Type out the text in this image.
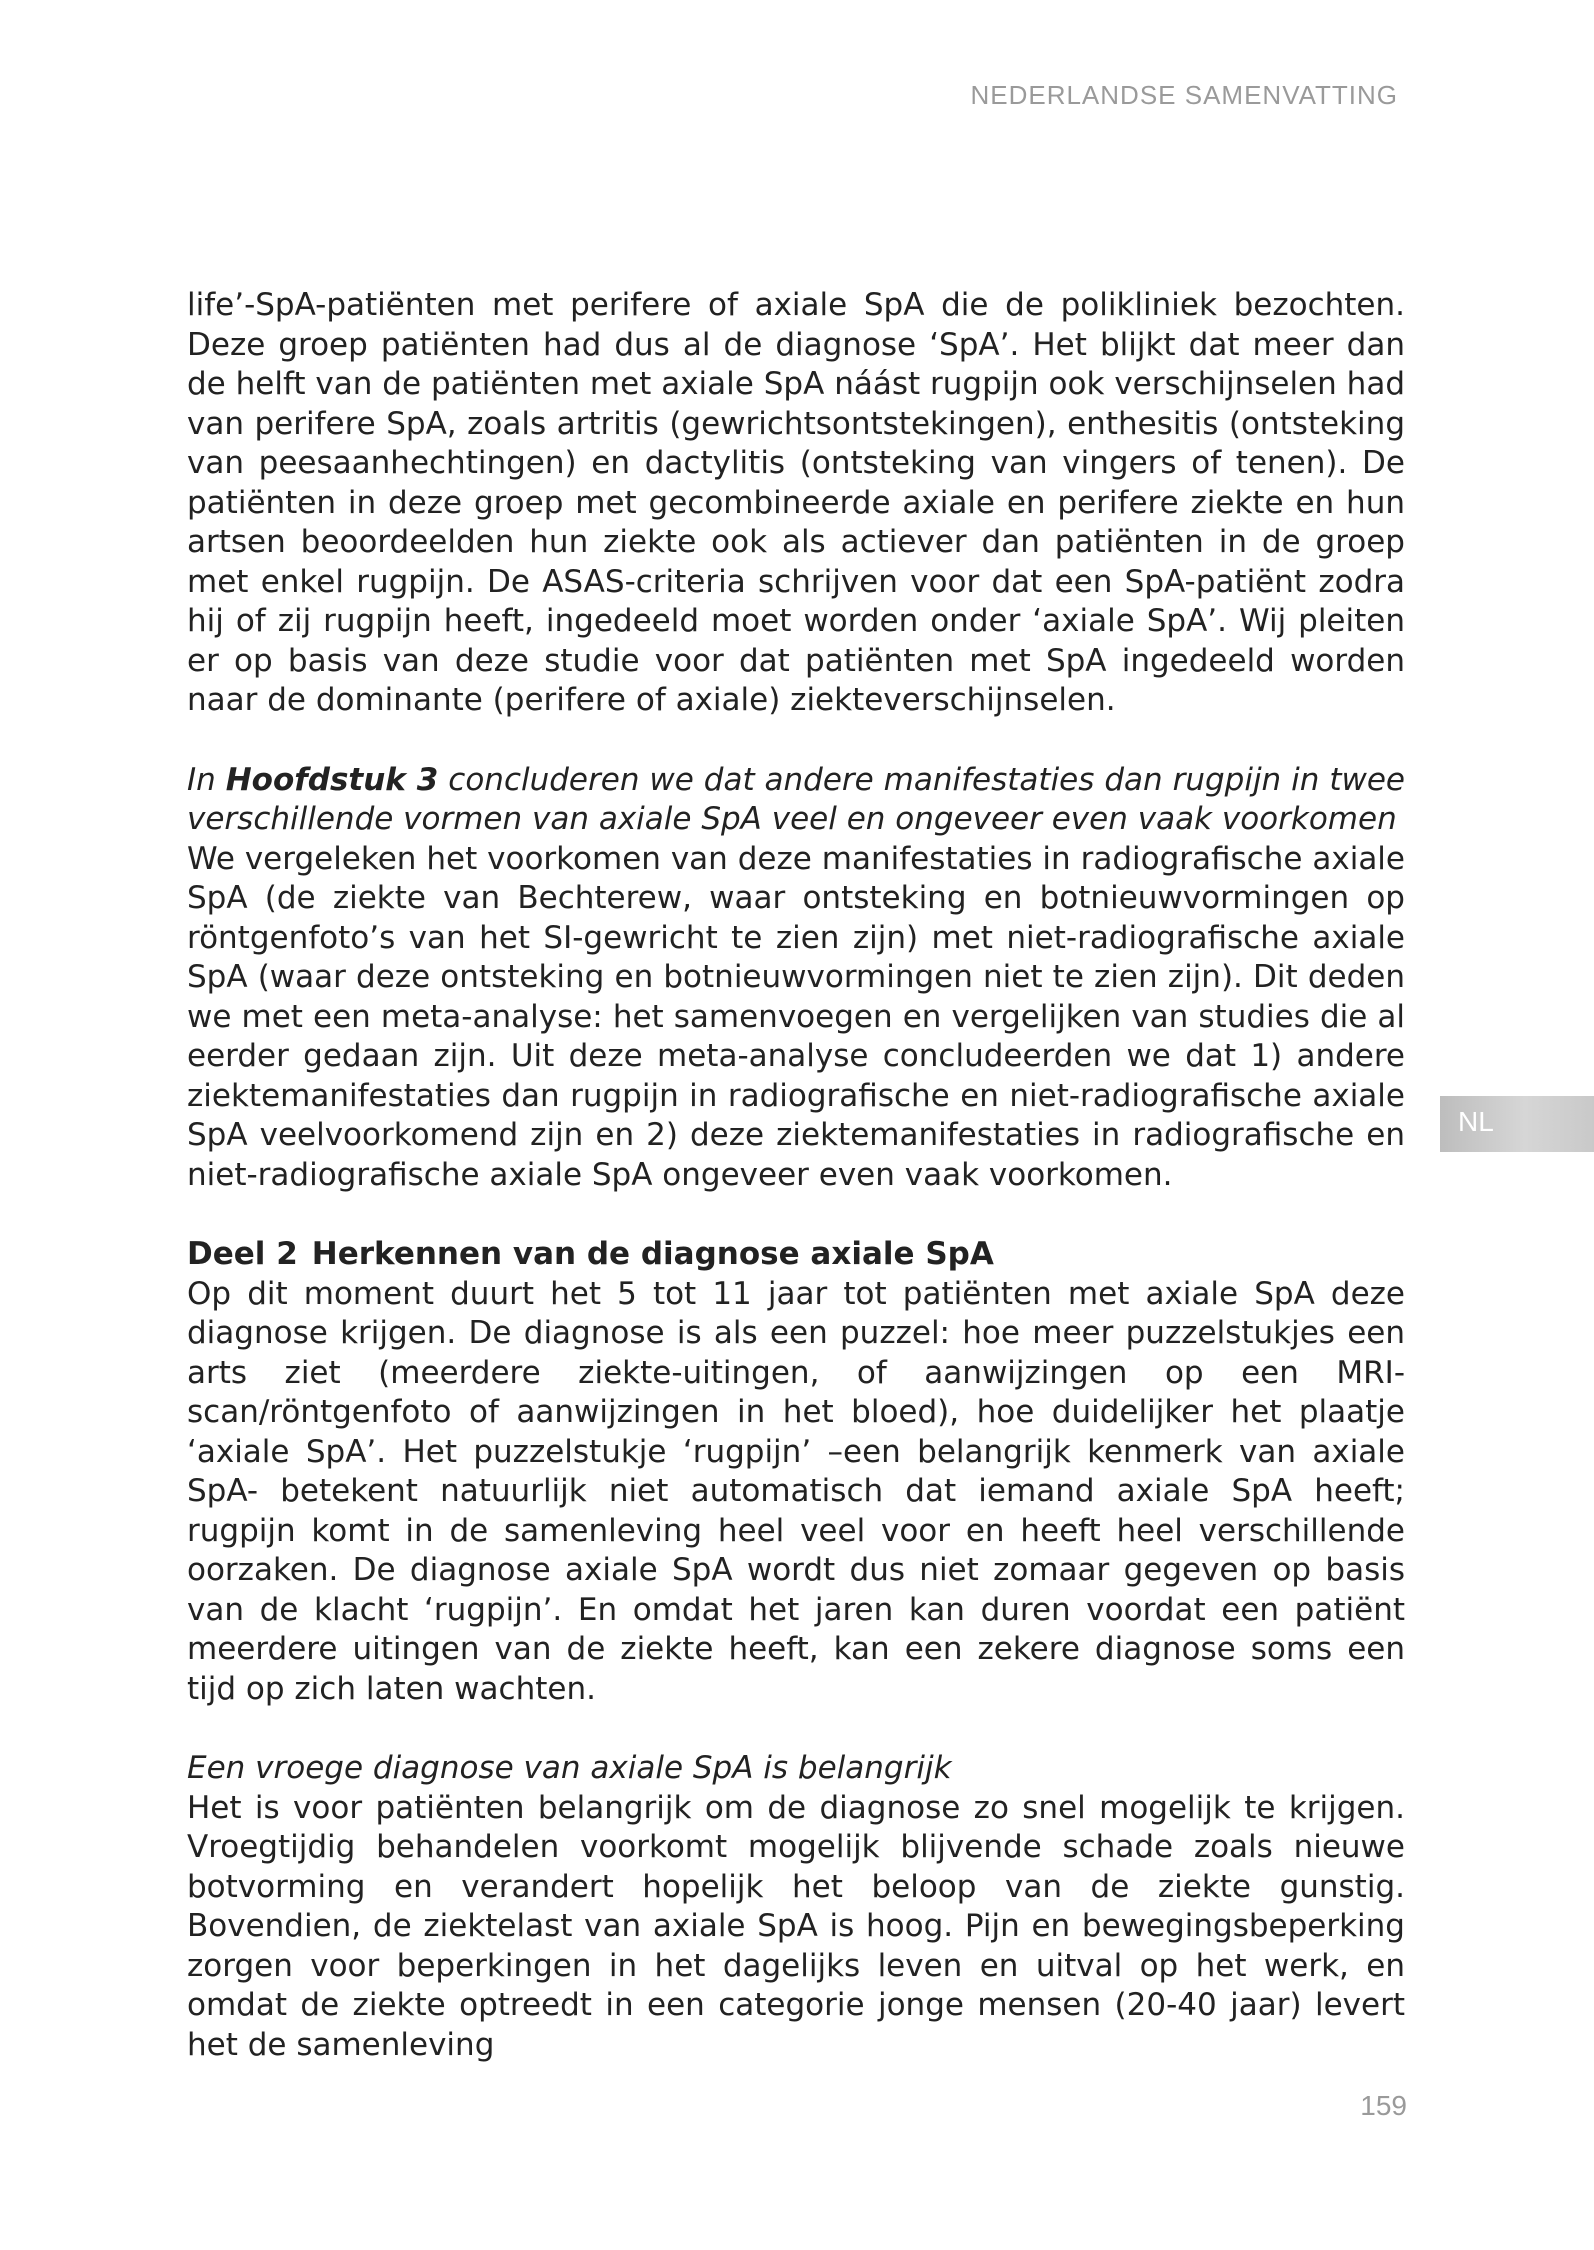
NEDERLANDSE SAMENVATTING

life’-SpA-patiënten met perifere of axiale SpA die de polikliniek bezochten. Deze groep patiënten had dus al de diagnose ‘SpA’. Het blijkt dat meer dan de helft van de patiënten met axiale SpA náást rugpijn ook verschijnselen had van perifere SpA, zoals artritis (gewrichtsontstekingen), enthesitis (ontsteking van peesaanhechtingen) en dactylitis (ontsteking van vingers of tenen). De patiënten in deze groep met gecombineerde axiale en perifere ziekte en hun artsen beoordeelden hun ziekte ook als actiever dan patiënten in de groep met enkel rugpijn. De ASAS-criteria schrijven voor dat een SpA-patiënt zodra hij of zij rugpijn heeft, ingedeeld moet worden onder ‘axiale SpA’. Wij pleiten er op basis van deze studie voor dat patiënten met SpA ingedeeld worden naar de dominante (perifere of axiale) ziekteverschijnselen.

In Hoofdstuk 3 concluderen we dat andere manifestaties dan rugpijn in twee verschillende vormen van axiale SpA veel en ongeveer even vaak voorkomen

We vergeleken het voorkomen van deze manifestaties in radiografische axiale SpA (de ziekte van Bechterew, waar ontsteking en botnieuwvormingen op röntgenfoto’s van het SI-gewricht te zien zijn) met niet-radiografische axiale SpA (waar deze ontsteking en botnieuwvormingen niet te zien zijn). Dit deden we met een meta-analyse: het samenvoegen en vergelijken van studies die al eerder gedaan zijn. Uit deze meta-analyse concludeerden we dat 1) andere ziektemanifestaties dan rugpijn in radiografische en niet-radiografische axiale SpA veelvoorkomend zijn en 2) deze ziektemanifestaties in radiografische en niet-radiografische axiale SpA ongeveer even vaak voorkomen.

Deel 2 Herkennen van de diagnose axiale SpA

Op dit moment duurt het 5 tot 11 jaar tot patiënten met axiale SpA deze diagnose krijgen. De diagnose is als een puzzel: hoe meer puzzelstukjes een arts ziet (meerdere ziekte-uitingen, of aanwijzingen op een MRI-scan/röntgenfoto of aanwijzingen in het bloed), hoe duidelijker het plaatje ‘axiale SpA’. Het puzzelstukje ‘rugpijn’ –een belangrijk kenmerk van axiale SpA- betekent natuurlijk niet automatisch dat iemand axiale SpA heeft; rugpijn komt in de samenleving heel veel voor en heeft heel verschillende oorzaken. De diagnose axiale SpA wordt dus niet zomaar gegeven op basis van de klacht ‘rugpijn’. En omdat het jaren kan duren voordat een patiënt meerdere uitingen van de ziekte heeft, kan een zekere diagnose soms een tijd op zich laten wachten.

Een vroege diagnose van axiale SpA is belangrijk

Het is voor patiënten belangrijk om de diagnose zo snel mogelijk te krijgen. Vroegtijdig behandelen voorkomt mogelijk blijvende schade zoals nieuwe botvorming en verandert hopelijk het beloop van de ziekte gunstig. Bovendien, de ziektelast van axiale SpA is hoog. Pijn en bewegingsbeperking zorgen voor beperkingen in het dagelijks leven en uitval op het werk, en omdat de ziekte optreedt in een categorie jonge mensen (20-40 jaar) levert het de samenleving

NL
159
